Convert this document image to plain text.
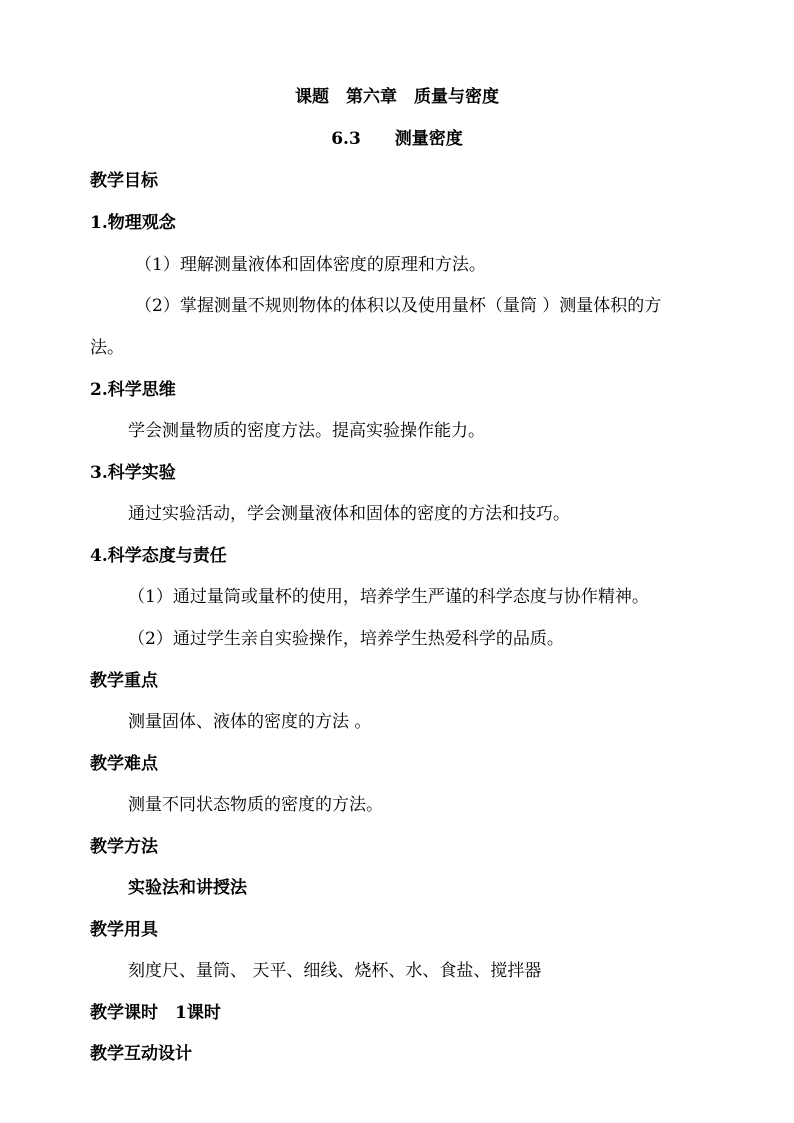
课题　第六章　质量与密度
6.3　　测量密度
教学目标
1.物理观念
（1）理解测量液体和固体密度的原理和方法。
（2）掌握测量不规则物体的体积以及使用量杯（量筒 ）测量体积的方
法。
2.科学思维
学会测量物质的密度方法。提高实验操作能力。
3.科学实验
通过实验活动，学会测量液体和固体的密度的方法和技巧。
4.科学态度与责任
（1）通过量筒或量杯的使用，培养学生严谨的科学态度与协作精神。
（2）通过学生亲自实验操作，培养学生热爱科学的品质。
教学重点
测量固体、液体的密度的方法 。
教学难点
测量不同状态物质的密度的方法。
教学方法
实验法和讲授法
教学用具
刻度尺、量筒、 天平、细线、烧杯、水、食盐、搅拌器
教学课时　1课时
教学互动设计
